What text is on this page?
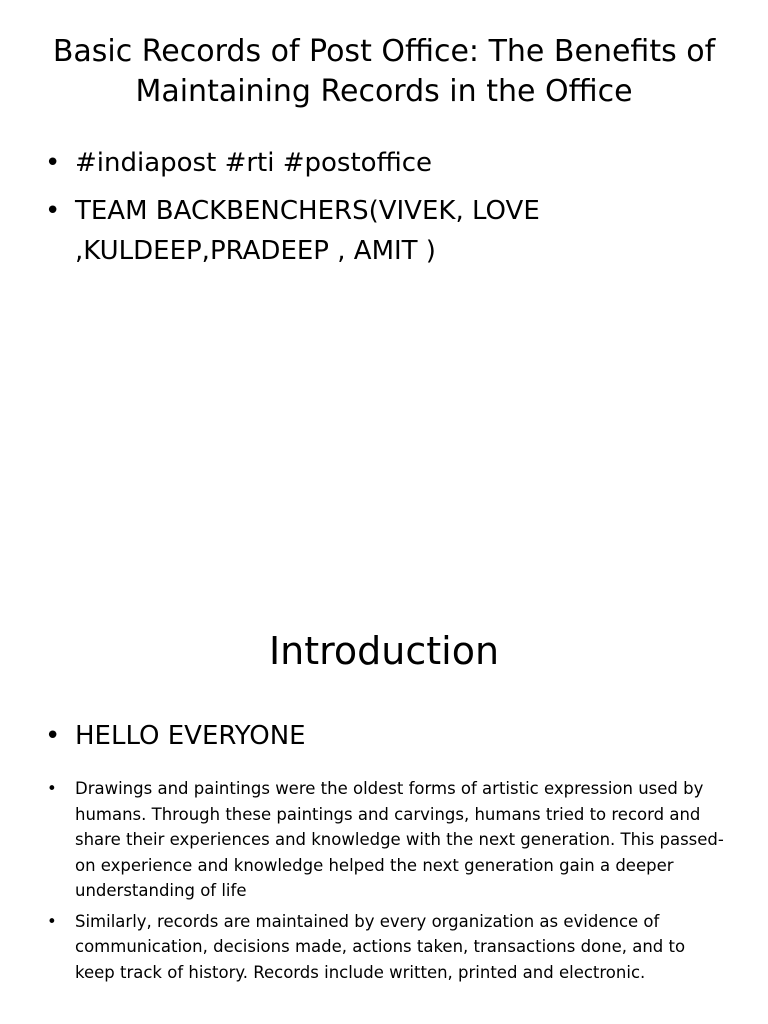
Basic Records of Post Office: The Benefits of Maintaining Records in the Office
• #indiapost #rti #postoffice
• TEAM BACKBENCHERS(VIVEK, LOVE ,KULDEEP,PRADEEP , AMIT )
Introduction
• HELLO EVERYONE
• Drawings and paintings were the oldest forms of artistic expression used by humans. Through these paintings and carvings, humans tried to record and share their experiences and knowledge with the next generation. This passed-on experience and knowledge helped the next generation gain a deeper understanding of life
• Similarly, records are maintained by every organization as evidence of communication, decisions made, actions taken, transactions done, and to keep track of history. Records include written, printed and electronic.
